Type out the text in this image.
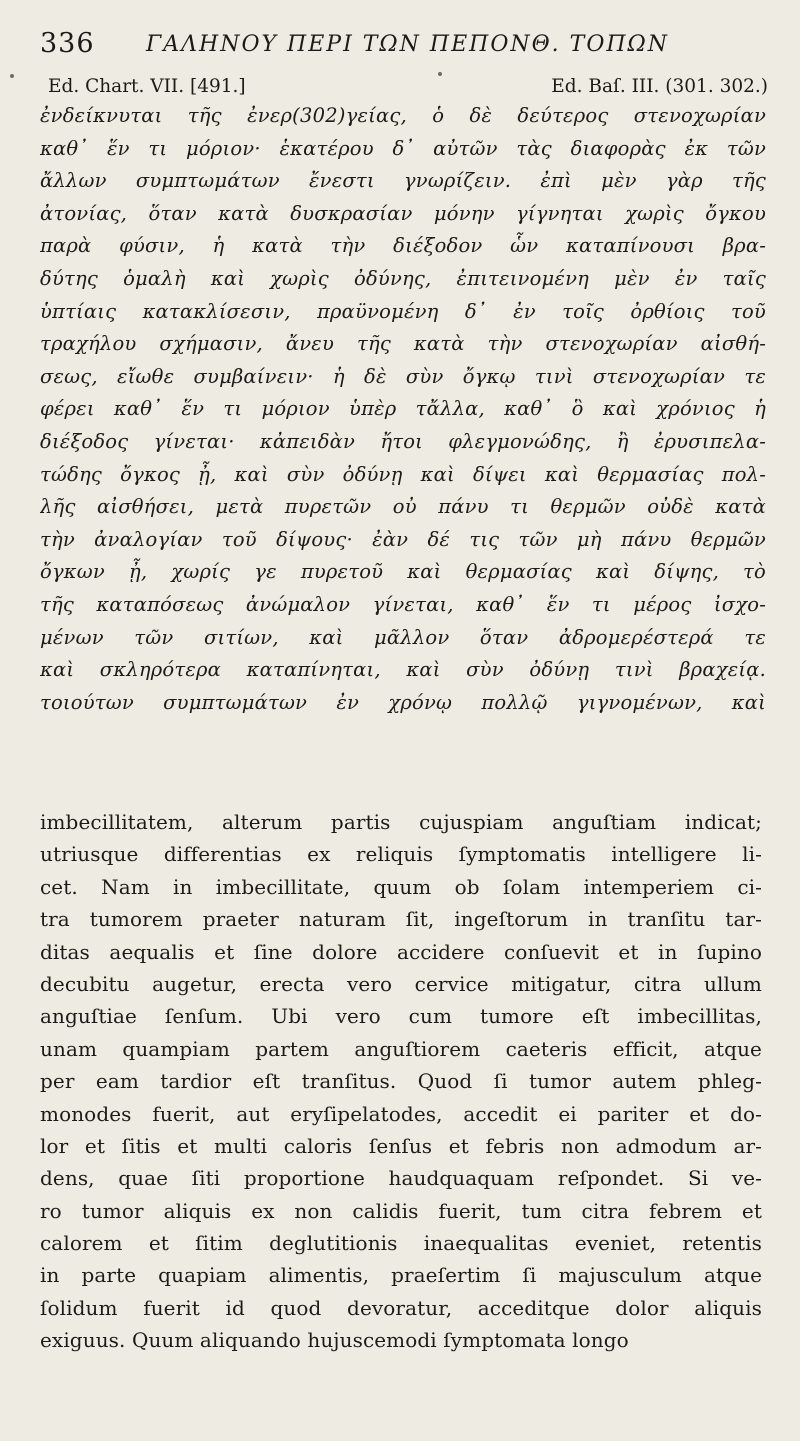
336 ΓΑΛΗΝΟΥ ΠΕΡΙ ΤΩΝ ΠΕΠΟΝΘ. ΤΟΠΩΝ
Ed. Chart. VII. [491.]	Ed. Baſ. III. (301. 302.)
ἐνδείκνυται τῆς ἐνερ(302)γείας, ὁ δὲ δεύτερος στενοχωρίαν
καθ᾽ ἕν τι μόριον· ἑκατέρου δ᾽ αὐτῶν τὰς διαφορὰς ἐκ τῶν
ἄλλων συμπτωμάτων ἔνεστι γνωρίζειν. ἐπὶ μὲν γὰρ τῆς
ἀτονίας, ὅταν κατὰ δυσκρασίαν μόνην γίγνηται χωρὶς ὄγκου
παρὰ φύσιν, ἡ κατὰ τὴν διέξοδον ὧν καταπίνουσι βρα-
δύτης ὁμαλὴ καὶ χωρὶς ὀδύνης, ἐπιτεινομένη μὲν ἐν ταῖς
ὑπτίαις κατακλίσεσιν, πραϋνομένη δ᾽ ἐν τοῖς ὀρθίοις τοῦ
τραχήλου σχήμασιν, ἄνευ τῆς κατὰ τὴν στενοχωρίαν αἰσθή-
σεως, εἴωθε συμβαίνειν· ἡ δὲ σὺν ὄγκῳ τινὶ στενοχωρίαν τε
φέρει καθ᾽ ἕν τι μόριον ὑπὲρ τἄλλα, καθ᾽ ὃ καὶ χρόνιος ἡ
διέξοδος γίνεται· κἀπειδὰν ἤτοι φλεγμονώδης, ἢ ἐρυσιπελα-
τώδης ὄγκος ᾖ, καὶ σὺν ὀδύνῃ καὶ δίψει καὶ θερμασίας πολ-
λῆς αἰσθήσει, μετὰ πυρετῶν οὐ πάνυ τι θερμῶν οὐδὲ κατὰ
τὴν ἀναλογίαν τοῦ δίψους· ἐὰν δέ τις τῶν μὴ πάνυ θερμῶν
ὄγκων ᾖ, χωρίς γε πυρετοῦ καὶ θερμασίας καὶ δίψης, τὸ
τῆς καταπόσεως ἀνώμαλον γίνεται, καθ᾽ ἕν τι μέρος ἰσχο-
μένων τῶν σιτίων, καὶ μᾶλλον ὅταν ἀδρομερέστερά τε
καὶ σκληρότερα καταπίνηται, καὶ σὺν ὀδύνῃ τινὶ βραχείᾳ.
τοιούτων συμπτωμάτων ἐν χρόνῳ πολλῷ γιγνομένων, καὶ
imbecillitatem, alterum partis cujuspiam anguſtiam indicat;
utriusque differentias ex reliquis ſymptomatis intelligere li-
cet. Nam in imbecillitate, quum ob ſolam intemperiem ci-
tra tumorem praeter naturam ſit, ingeſtorum in tranſitu tar-
ditas aequalis et ſine dolore accidere conſuevit et in ſupino
decubitu augetur, erecta vero cervice mitigatur, citra ullum
anguſtiae ſenſum. Ubi vero cum tumore eſt imbecillitas,
unam quampiam partem anguſtiorem caeteris efficit, atque
per eam tardior eſt tranſitus. Quod ſi tumor autem phleg-
monodes fuerit, aut eryſipelatodes, accedit ei pariter et do-
lor et ſitis et multi caloris ſenſus et febris non admodum ar-
dens, quae ſiti proportione haudquaquam reſpondet. Si ve-
ro tumor aliquis ex non calidis fuerit, tum citra febrem et
calorem et ſitim deglutitionis inaequalitas eveniet, retentis
in parte quapiam alimentis, praeſertim ſi majusculum atque
ſolidum fuerit id quod devoratur, acceditque dolor aliquis
exiguus. Quum aliquando hujuscemodi ſymptomata longo
